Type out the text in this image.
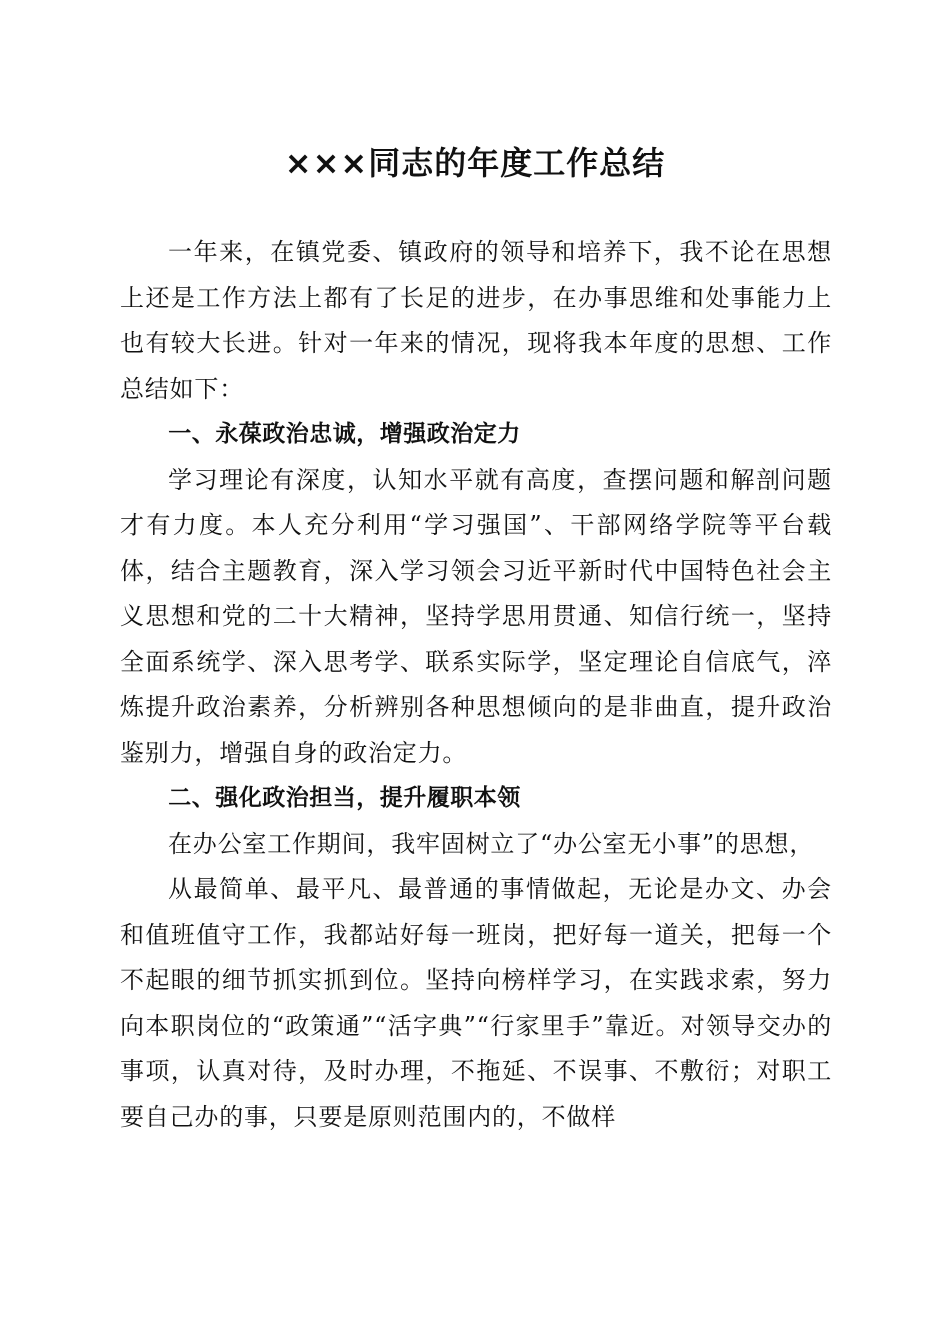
×××同志的年度工作总结

一年来，在镇党委、镇政府的领导和培养下，我不论在思想上还是工作方法上都有了长足的进步，在办事思维和处事能力上也有较大长进。针对一年来的情况，现将我本年度的思想、工作总结如下：

一、永葆政治忠诚，增强政治定力

学习理论有深度，认知水平就有高度，查摆问题和解剖问题才有力度。本人充分利用“学习强国”、干部网络学院等平台载体，结合主题教育，深入学习领会习近平新时代中国特色社会主义思想和党的二十大精神，坚持学思用贯通、知信行统一，坚持全面系统学、深入思考学、联系实际学，坚定理论自信底气，淬炼提升政治素养，分析辨别各种思想倾向的是非曲直，提升政治鉴别力，增强自身的政治定力。

二、强化政治担当，提升履职本领

在办公室工作期间，我牢固树立了“办公室无小事”的思想，

从最简单、最平凡、最普通的事情做起，无论是办文、办会和值班值守工作，我都站好每一班岗，把好每一道关，把每一个不起眼的细节抓实抓到位。坚持向榜样学习，在实践求索，努力向本职岗位的“政策通”“活字典”“行家里手”靠近。对领导交办的事项，认真对待，及时办理，不拖延、不误事、不敷衍；对职工要自己办的事，只要是原则范围内的，不做样
